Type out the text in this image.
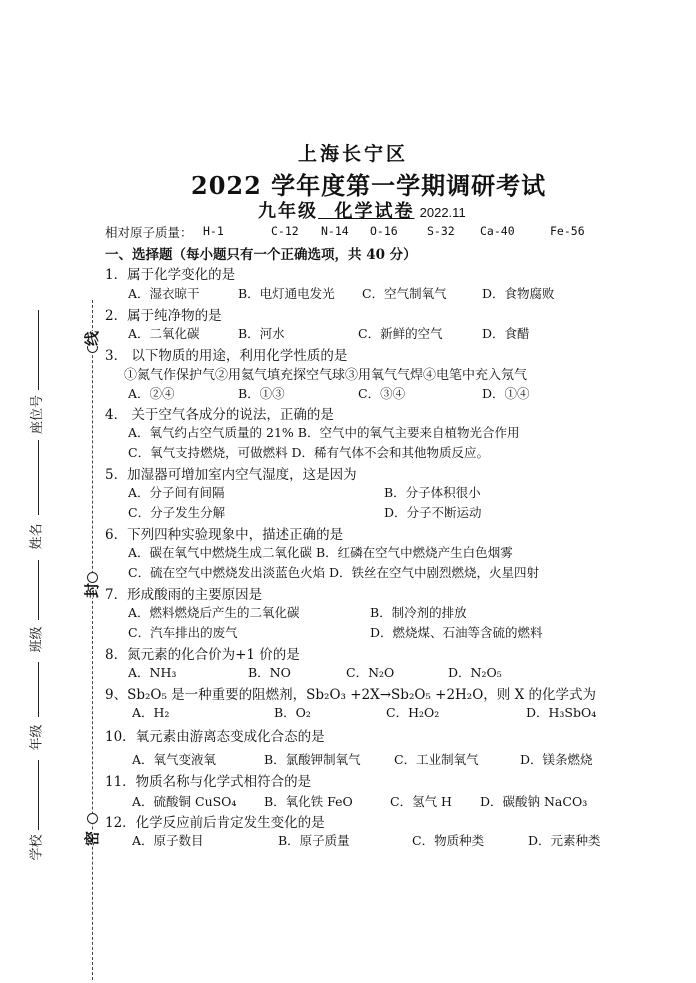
线
封
密
座位号
姓名
班级
年级
学校
上海长宁区
2022 学年度第一学期调研考试
九年级 化学试卷 2022.11
相对原子质量： H-1	C-12 N-14 O-16	S-32 Ca-40	Fe-56
一、选择题（每小题只有一个正确选项，共 40 分）
1．属于化学变化的是
A．湿衣晾干	B．电灯通电发光 C．空气制氧气	D．食物腐败
2．属于纯净物的是
A．二氧化碳	B．河水	C．新鲜的空气	D．食醋
3． 以下物质的用途，利用化学性质的是
①氮气作保护气②用氦气填充探空气球③用氧气气焊④电笔中充入氖气
A．②④	B．①③	C．③④	D．①④
4． 关于空气各成分的说法，正确的是
A．氧气约占空气质量的 21% B．空气中的氧气主要来自植物光合作用
C．氧气支持燃烧，可做燃料 D．稀有气体不会和其他物质反应。
5．加湿器可增加室内空气湿度，这是因为
A．分子间有间隔	B．分子体积很小
C．分子发生分解	D．分子不断运动
6．下列四种实验现象中，描述正确的是
A．碳在氧气中燃烧生成二氧化碳 B．红磷在空气中燃烧产生白色烟雾
C．硫在空气中燃烧发出淡蓝色火焰 D．铁丝在空气中剧烈燃烧，火星四射
7．形成酸雨的主要原因是
A．燃料燃烧后产生的二氧化碳	B．制冷剂的排放
C．汽车排出的废气	D．燃烧煤、石油等含硫的燃料
8．氮元素的化合价为+1 价的是
A．NH₃	B．NO	C．N₂O	D．N₂O₅
9、Sb₂O₅ 是一种重要的阻燃剂，Sb₂O₃ +2X→Sb₂O₅ +2H₂O，则 X 的化学式为
A．H₂	B．O₂	C．H₂O₂	D．H₃SbO₄
10．氧元素由游离态变成化合态的是
A．氧气变液氧	B．氯酸钾制氧气	C．工业制氧气	D．镁条燃烧
11．物质名称与化学式相符合的是
A．硫酸铜 CuSO₄ B．氧化铁 FeO	C．氢气 H D．碳酸钠 NaCO₃
12．化学反应前后肯定发生变化的是
A．原子数目	B．原子质量	C．物质种类	D．元素种类
